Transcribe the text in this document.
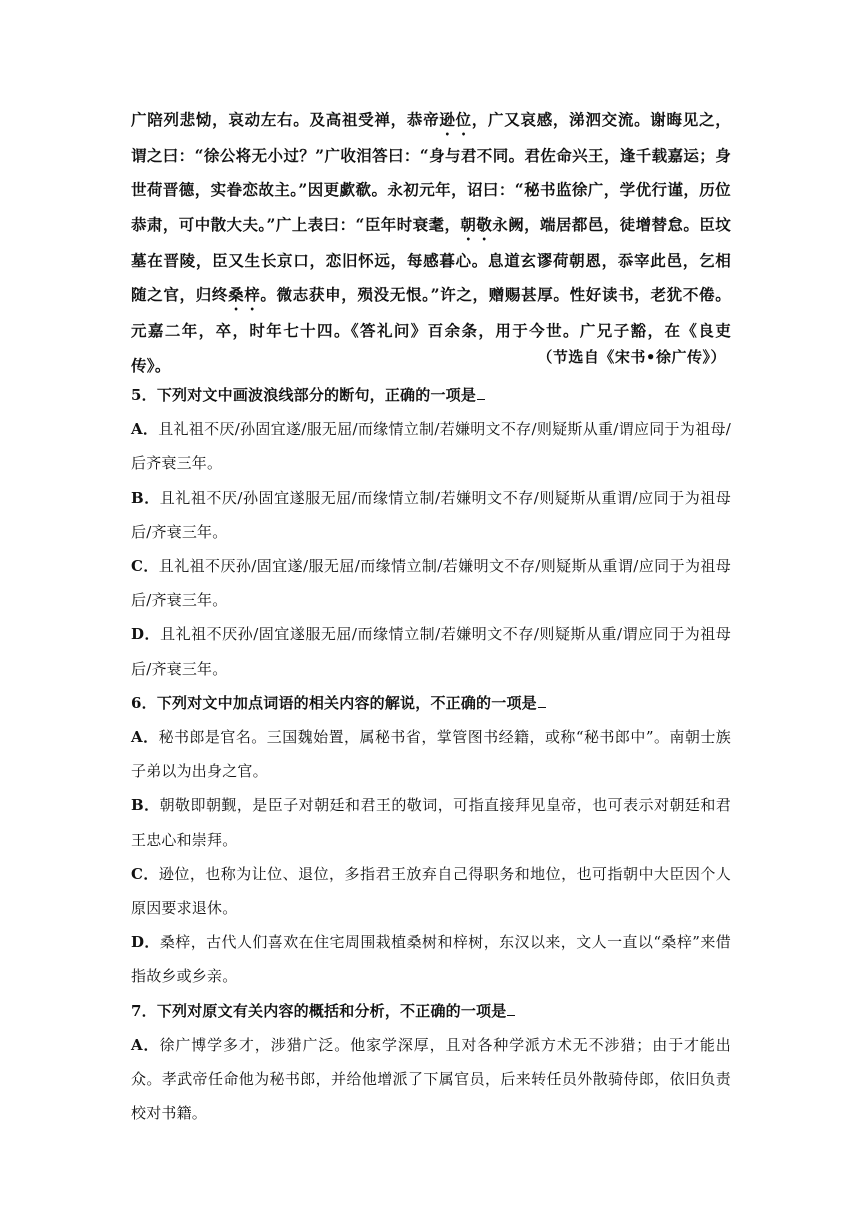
广陪列悲恸，哀动左右。及高祖受禅，恭帝逊位，广又哀感，涕泗交流。谢晦见之，谓之曰：“徐公将无小过？”广收泪答曰：“身与君不同。君佐命兴王，逢千载嘉运；身世荷晋德，实眷恋故主。”因更歔欷。永初元年，诏曰：“秘书监徐广，学优行谨，历位恭肃，可中散大夫。”广上表曰：“臣年时衰耄，朝敬永阙，端居都邑，徒增替怠。臣坟墓在晋陵，臣又生长京口，恋旧怀远，每感暮心。息道玄谬荷朝恩，忝宰此邑，乞相随之官，归终桑梓。微志获申，殒没无恨。”许之，赠赐甚厚。性好读书，老犹不倦。元嘉二年，卒，时年七十四。《答礼问》百余条，用于今世。广兄子豁，在《良吏传》。	（节选自《宋书•徐广传》）

5．下列对文中画波浪线部分的断句，正确的一项是

A．且礼祖不厌/孙固宜遂/服无屈/而缘情立制/若嫌明文不存/则疑斯从重/谓应同于为祖母/后齐衰三年。

B．且礼祖不厌/孙固宜遂服无屈/而缘情立制/若嫌明文不存/则疑斯从重谓/应同于为祖母后/齐衰三年。

C．且礼祖不厌孙/固宜遂/服无屈/而缘情立制/若嫌明文不存/则疑斯从重谓/应同于为祖母后/齐衰三年。

D．且礼祖不厌孙/固宜遂服无屈/而缘情立制/若嫌明文不存/则疑斯从重/谓应同于为祖母后/齐衰三年。

6．下列对文中加点词语的相关内容的解说，不正确的一项是

A．秘书郎是官名。三国魏始置，属秘书省，掌管图书经籍，或称“秘书郎中”。南朝士族子弟以为出身之官。

B．朝敬即朝觐，是臣子对朝廷和君王的敬词，可指直接拜见皇帝，也可表示对朝廷和君王忠心和崇拜。

C．逊位，也称为让位、退位，多指君王放弃自己得职务和地位，也可指朝中大臣因个人原因要求退休。

D．桑梓，古代人们喜欢在住宅周围栽植桑树和梓树，东汉以来，文人一直以“桑梓”来借指故乡或乡亲。

7．下列对原文有关内容的概括和分析，不正确的一项是

A．徐广博学多才，涉猎广泛。他家学深厚，且对各种学派方术无不涉猎；由于才能出众。孝武帝任命他为秘书郎，并给他增派了下属官员，后来转任员外散骑侍郎，依旧负责校对书籍。
